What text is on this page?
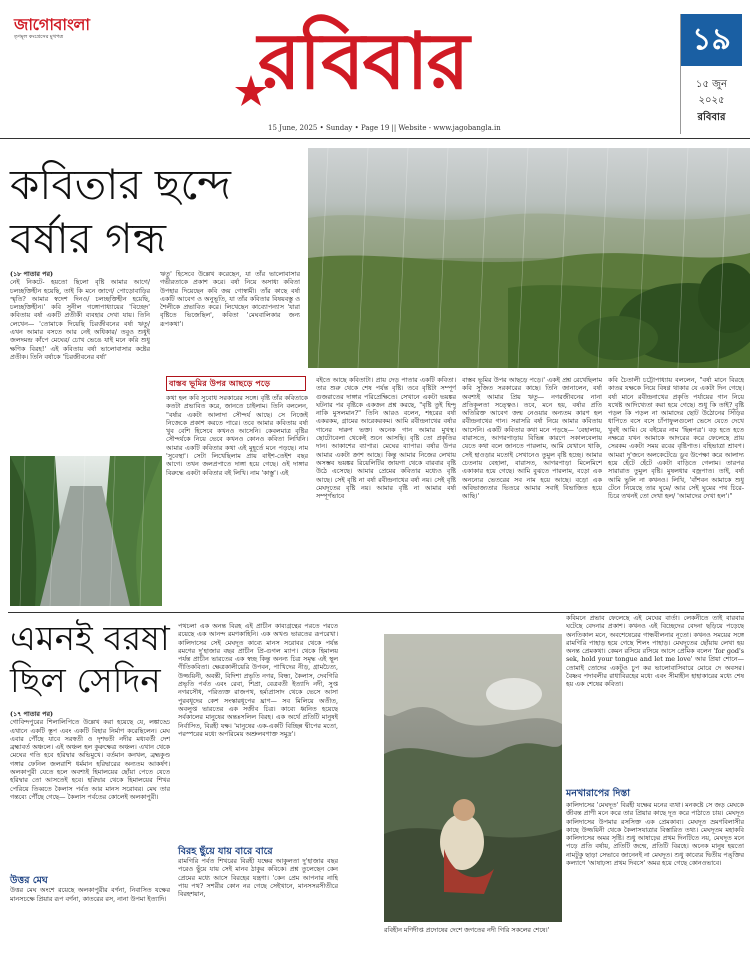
জাগোবাংলা
তৃণমূল কংগ্রেসের মুখপত্র	রবিবার
15 June, 2025 • Sunday • Page 19 || Website - www.jagobangla.in
১৯
১৫ জুন
২০২৫
রবিবার
কবিতার ছন্দে
বর্ষার গন্ধ
(১৮ পাতার পর)
নেই নিকটে- হয়তো ছিলো বৃষ্টি আমার আগে/ চলচ্ছক্তিহীন হয়েছি, তাই কি মনে জাগে/ পোড়োবাড়ির স্মৃতি? আমার স্বদেশ দিনও/ চলচ্ছক্তিহীন হয়েছি, চলচ্ছক্তিহীন।' কবি সুনীল গঙ্গোপাধ্যায়ের 'বিচ্ছেদ' কবিতায় বর্ষা একটি প্রতীকী ব্যবহার দেখা যায়। তিনি লেখেন— 'তোমাকে দিয়েছি চিরজীবনের বর্ষা ঋতু/ এখন আমার বসতে আর নেই অধিকার/ তবুও শুধুই জলদমন্দ্র কাঁপে মেঘের/ চোখ ভেঙে যাই মনে করি শুধু ক্ষণিক বিরহ!' এই কবিতায় বর্ষা ভালোবাসার কষ্টের প্রতীক। তিনি বর্ষাকে 'চিরজীবনের বর্ষা'
ঋতু' হিসেবে উল্লেখ করেছেন, যা তাঁর ভালোবাসার গভীরতাকে প্রকাশ করে। বর্ষা নিয়ে অসাধ্য কবিতা উপহার দিয়েছেন কবি জয় গোস্বামী। তাঁর কাছে বর্ষা একটি আবেগ ও অনুভূতি, যা তাঁর কবিতার বিষয়বস্তু ও শৈলীকে প্রভাবিত করে। লিখেছেন কাব্যোপন্যাস 'যারা বৃষ্টিতে ভিজেছিল', কবিতা 'মেঘবালিকার জন্য রূপকথা'।
বাস্তব ভূমির উপর আছড়ে পড়ে
কথা হল কবি সুবোধ সরকারের সঙ্গে। বৃষ্টি তাঁর কবিতাকে কতটা প্রভাবিত করে, জানতে চাইলাম। তিনি বললেন, "বর্ষার একটা আলাদা সৌন্দর্য আছে। সে নিজেই নিজেকে প্রকাশ করতে পারে। তবে আমার কবিতায় বর্ষা খুব বেশি হিসেবে কখনও আসেনি। কেবলমাত্র বৃষ্টির সৌন্দর্যকে নিয়ে ভেবে কখনও কোনও কবিতা লিখিনি। আমার একটি কবিতার কথা এই মুহূর্তে মনে পড়ছে। নাম 'সুবেস্থা'। সেটা লিখেছিলাম প্রায় বাইশ-তেইশ বছর আগে। তখন জলপ্রপাতে দাঙ্গা হয়ে গেছে। ওই দাঙ্গার বিরুদ্ধে একটা কবিতার বই লিখি। নাম 'কাস্তু'। এই
বইতে আছে কবিতাটা। প্রায় দেড় পাতার একটি কবিতা। তার শুরু থেকে শেষ পর্যন্ত বৃষ্টি। তবে বৃষ্টিটা সম্পূর্ণ গুজরাতের দাঙ্গার পরিপ্রেক্ষিতে। সেখানে একটা ভয়ঙ্কর ঘটনার পর বৃষ্টিকে একজন প্রশ্ন করছে, "বৃষ্টি তুই হিন্দু নাকি মুসলমান?" তিনি আরও বলেন, শহরের বর্ষা একরকম, গ্রামের আরেকরকম। আমি রবীন্দ্রনাথের বর্ষার গানের দারুণ ভক্ত। অনেক গান আমার মুখস্থ। ছোটোবেলা থেকেই শুনে আসছি। বৃষ্টি তো প্রকৃতির দান। আকাশের ব্যাপার। মেঘের ব্যাপার। বর্ষার উপর আমার একটা ক্রাশ আছে। কিন্তু আমার নিজের লেখায় অসম্ভব ভয়ঙ্কর রিয়েলিটির জায়গা থেকে বারবার বৃষ্টি উঠে এসেছে। আমার প্রেমের কবিতার মধ্যেও বৃষ্টি আছে। সেই বৃষ্টি না বর্ষা রবীন্দ্রনাথের বর্ষা নয়। সেই বৃষ্টি মেঘদূতের বৃষ্টি নয়। আমার বৃষ্টি না আমার বর্ষা সম্পূর্ণভাবে
বাস্তব ভূমির উপর আছড়ে পড়ে।' একই প্রশ্ন রেখেছিলাম কবি সুজিত সরকারের কাছে। তিনি জানালেন, বর্ষা অবশ্যই আমার প্রিয় ঋতু— নগরজীবনের নানা প্রতিকূলতা সত্ত্বেও। তবে, মনে হয়, বর্ষার প্রতি অতিরিক্ত আবেগ জন্ম নেওয়ার অন্যতম কারণ হল রবীন্দ্রনাথের গান। সরাসরি বর্ষা নিয়ে আমার কবিতায় আসেনি। একটি কবিতার কথা মনে পড়ছে— 'বেহালায়, বারাসতে, আগরপাড়ায় বিভিন্ন কারণে সকালবেলায় যেতে কথা বলে জানতে পারলাম, আমি যেখানে থাকি, সেই হাওড়ার মতোই সেখানেও তুমুল বৃষ্টি হচ্ছে। আমার চেতনায় বেহালা, বারাসত, আগরপাড়া মিলেমিশে একাকার হয়ে গেছে। আমি বুঝতে পারলাম, বড়ো এক অনন্যের ভেতরের সব নাম হয়ে আছে। বড়ো এক অবিভাজ্যতার ভিতরে আমার সবাই বিভাজিত হয়ে আছি।'
কবি চৈতালী চট্টোপাধ্যায় বললেন, "বর্ষা মানে বিরহে কাতর যক্ষকে নিয়ে বিষণ্ণ থাকার যে একটা দিন গেছে। বর্ষা মানে রবীন্দ্রনাথের প্রকৃতি পর্যায়ের গান নিয়ে যথেষ্ট আদিখ্যেতা করা হয়ে গেছে। শুধু কি তাই? বৃষ্টি পড়ল কি পড়ল না আমাদের ছোট উঠোনের সিঁড়ির ধাপিতে বসে বসে চাঁপাফুলগুলো ভেসে যেতে দেখে খুবই আমি। যে বইয়ের নাম 'ছিন্নপত্র'। বড় হতে হতে নক্ষত্রে যখন আমাকে আদরের করে ফেলেছে প্রায় সেরকম একটা সময় রবের বৃষ্টিপাত। বহিভাত্রা শ্রাবণ। আমরা দু'জনে অলকেটেডে ডুব উপেক্ষা করে আলাদ্য হয়ে হেঁটে হেঁটে একটা বাড়িতে গেলাম। তারপর সারারাত তুমুল বৃষ্টি। মুষলধার বজ্রপাত। তাই, বর্ষা আমি ভুলি না কখনও। লিখি, 'বাঁশবন আমাকে শুধু টেনে নিয়েছে তার ঘুমে/ আর সেই ঘুমের পথ চিরে-চিরে তখনই তো দেখা হল/ 'আমাদের দেখা হল'।"
এমনই বরষা
ছিল সেদিন
(১৭ পাতার পর)
গোবিন্দপুরের শিলালিপিতে উল্লেখ করা হয়েছে যে, লঙ্কাড্ডে এখানে একটি স্তূপ এবং একটি বিহার নির্মাণ করেছিলেন। মেঘ এবার পৌঁছে যাবে সরস্বতী ও দৃশদ্বতী নদীর মধ্যবর্তী দেশ ব্রহ্মাবর্ত অঞ্চলে। এই অঞ্চল হল কুরুক্ষেত্র অঞ্চল। এখান থেকে মেঘের গতি হবে হরিদ্বার অভিমুখে। বর্তমান কনখল, ব্রহ্মকুণ্ড গঙ্গার ফেনিল জলরাশি ধর্মমান হরিদ্বারের অন্যতম আকর্ষণ। অলকাপুরী যেতে হলে অবশ্যই হিমালয়ের ছোঁয়া পেতে যেতে হরিদ্বার তো আসতেই হবে। হরিদ্বার থেকে হিমালয়ের শিখর পেরিয়ে তিব্বতে কৈলাস পর্বত আর মানস সরোবর। মেঘ তার গন্তব্যে পৌঁছে গেছে— কৈলাস পর্বতের কোলেই অলকাপুরী।
উত্তর মেঘ
উত্তর মেঘ অংশে রয়েছে অলকাপুরীর বর্ণনা, নিবাসিত যক্ষের মানসচক্ষে প্রিয়ার রূপ বর্ণনা, কাতরের রস, নানা উপমা ইত্যাদি।
পথচলা এক অনন্ত বিরহ এই প্রাচীন কাব্যগ্রন্থের পরতে পরতে রয়েছে এক আনন্দ রমণকাহিনি। এক অখণ্ড ভারতের রূপরেখা। কালিদাসের সেই মেঘদূত কাব্যে মানস সরোবর থেকে পর্যন্ত রমণের দু'হাজার বছর প্রাচীন প্রি-গুগল ম্যাপ। থেকে হিমালয় পর্যন্ত প্রাচীন ভারতের এক স্বচ্ছ কিন্তু অনন্য চিত্র সমৃদ্ধ এই স্থূল গীতিকবিতা। ক্ষেত্রকালীয়েরি উপবন, পাখিদের নীড়, গ্রামচৈত্য, উজ্জয়িনী, অবন্তী, বিদিশা প্রভৃতি নগর, বিন্ধ্য, কৈলাস, দেবগিরি প্রভৃতি পর্বত এবং রেবা, শিপ্রা, বেত্রবতী ইত্যাদি নদী, সুপ্ত নগরসৌধ, পরিত্যক্ত রাজপথ, হর্ম্যপ্রাসাদ থেকে ভেসে আসা পুরবধূদের কেশ সংস্কারধূপের ঘ্রাণ— সব মিলিয়ে অতীত, অবলুপ্ত ভারতের এক সজীব চিত্র। কাব্যে ধ্বনিত হয়েছে সর্বকালের মানুষের অন্তঃসলিল বিরহ। এক অর্থে প্রতিটি মানুষই নির্বাসিত, বিরহী যক্ষ। 'মানুষের এক-একটি বিচ্ছিন্ন দ্বীপের মতো, পরস্পরের মধ্যে অপরিমেয় অশ্রুলবণাক্ত সমুদ্র'।
বিরহ ছুঁয়ে যায় বারে বারে
রামগিরি পর্বত শিখরের বিরহী যক্ষের আকুলতা দু'হাজার বছর পরেও ছুঁয়ে যায় সেই মানব ঠাকুর কবিকে। প্রশ্ন তুলেছেন কেন প্রেমের মধ্যে আসে বিরহের যন্ত্রণা। 'কেন প্রেম আপনার নাহি পায় পথ? সশরীর কোন নর গেছে সেইখানে, মানসসরসীতীরে বিরহশয়ান,
রবিহীন মণিদীপ্ত প্রদোষের দেশে জগতের নদী গিরি সকলের শেষে।'
কবিমনে প্রভাব ফেলেছে এই মেঘের বার্তা। লেকনীতে তাই বারবার ঘটেছে বেদনার প্রকাশ। কখনও এই বিচ্ছেদের বেদনা ছড়িয়ে পড়েছে অনতিকাল মনে, অবশেষেরের গান্ধবীলনার নূতো। কখনও সময়ের সঙ্গে রামগিরি পাহাড় হয়ে গেছে শিলং পাহাড়। মেঘদূতের ছোঁয়ায় লেখা হয় অনন্ত প্রেমকথা। কেমন রসিয়ে রসিয়ে আসে প্রেমিক বলেন 'for god's sek, hold your tongue and let me love' আর প্রিয়া শোনে— তোমাই তোদের একটুও চুপ কর ভালোবাসিবারে মোরে দে অবসর। বৈষ্ণব পদাবলীর রাধাবিরহের মধ্যে এবং সীমাহীন হাহাকারের মধ্যে শেষ হয় এক শেষের কবিতা।
মনখারাপের দিস্তা
কালিদাসের 'মেঘদূত' বিরহী যক্ষের মনের ব্যথা। মনকষ্টে সে জড় মেঘকে জীবন্ত প্রাণী মনে করে তার প্রিয়ার কাছে দূত করে পাঠাতে চায়। মেঘদূত কালিদাসের উপমার রসসিক্ত এক প্রেমকাব্য। মেঘদূত ভ্রমণবিলাসীর কাছে উজ্জয়িনী থেকে কৈলাসযাত্রার বিস্তারিত তথ্য। মেঘদূতম মহাকবি কালিদাসের অমর সৃষ্টি। শুধু আষাঢ়ের প্রথম দিনটিতে নয়, মেঘদূত মনে পড়ে প্রতি বর্ষায়, প্রতিটি জন্মে, প্রতিটি বিরহে। অনেক মানুষ হয়তো নামটুকু ছাড়া সেভাবে জানেনই না মেঘদূত। শুধু কাব্যের দ্বিতীয় পঙ্‌ক্তির কল্যাণে 'আষাঢ়স্য প্রথম দিবসে' অমর হয়ে গেছে কোনওভাবে।
